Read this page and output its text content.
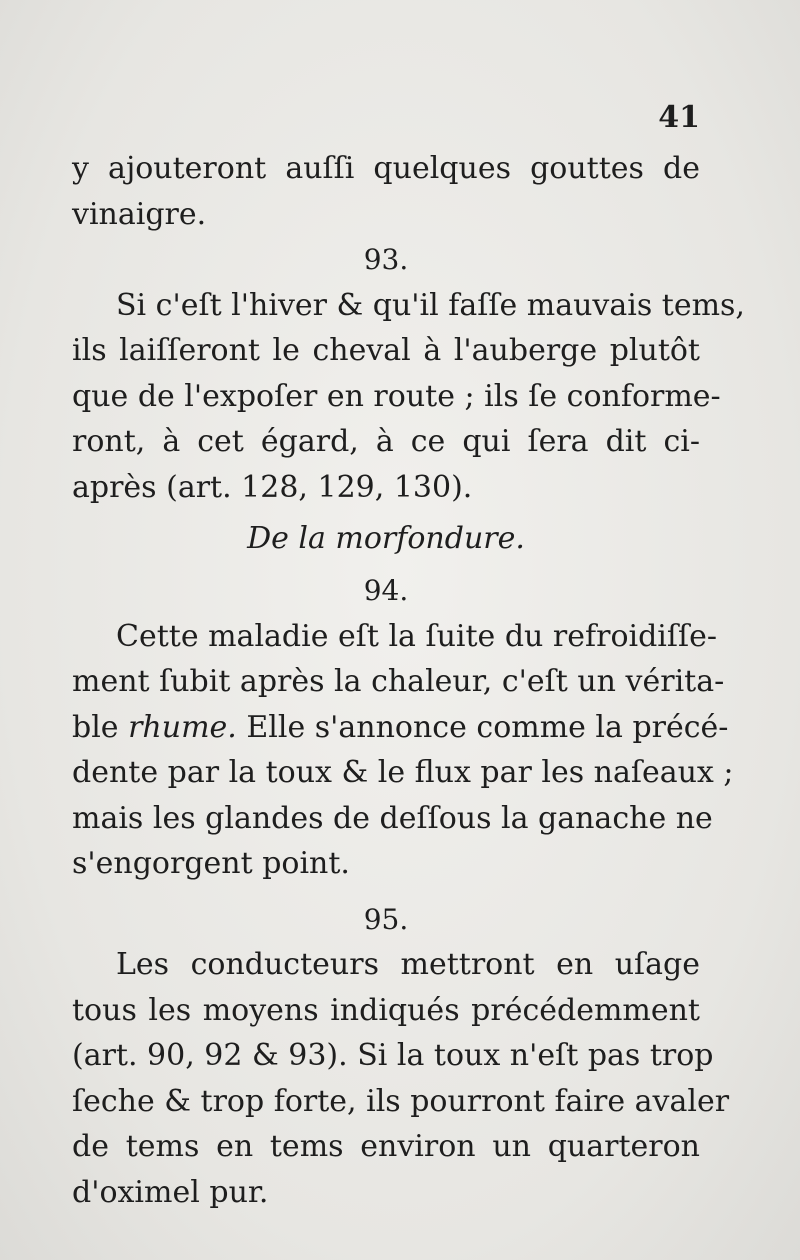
41
y ajouteront auſſi quelques gouttes de
vinaigre.
93.
Si c'eſt l'hiver & qu'il faſſe mauvais tems,
ils laiſſeront le cheval à l'auberge plutôt
que de l'expoſer en route ; ils ſe conforme-
ront, à cet égard, à ce qui ſera dit ci-
après (art. 128, 129, 130).
De la morfondure.
94.
Cette maladie eſt la ſuite du refroidiſſe-
ment ſubit après la chaleur, c'eſt un vérita-
ble rhume. Elle s'annonce comme la précé-
dente par la toux & le flux par les naſeaux ;
mais les glandes de deſſous la ganache ne
s'engorgent point.
95.
Les conducteurs mettront en uſage
tous les moyens indiqués précédemment
(art. 90, 92 & 93). Si la toux n'eſt pas trop
ſeche & trop forte, ils pourront faire avaler
de tems en tems environ un quarteron
d'oximel pur.
